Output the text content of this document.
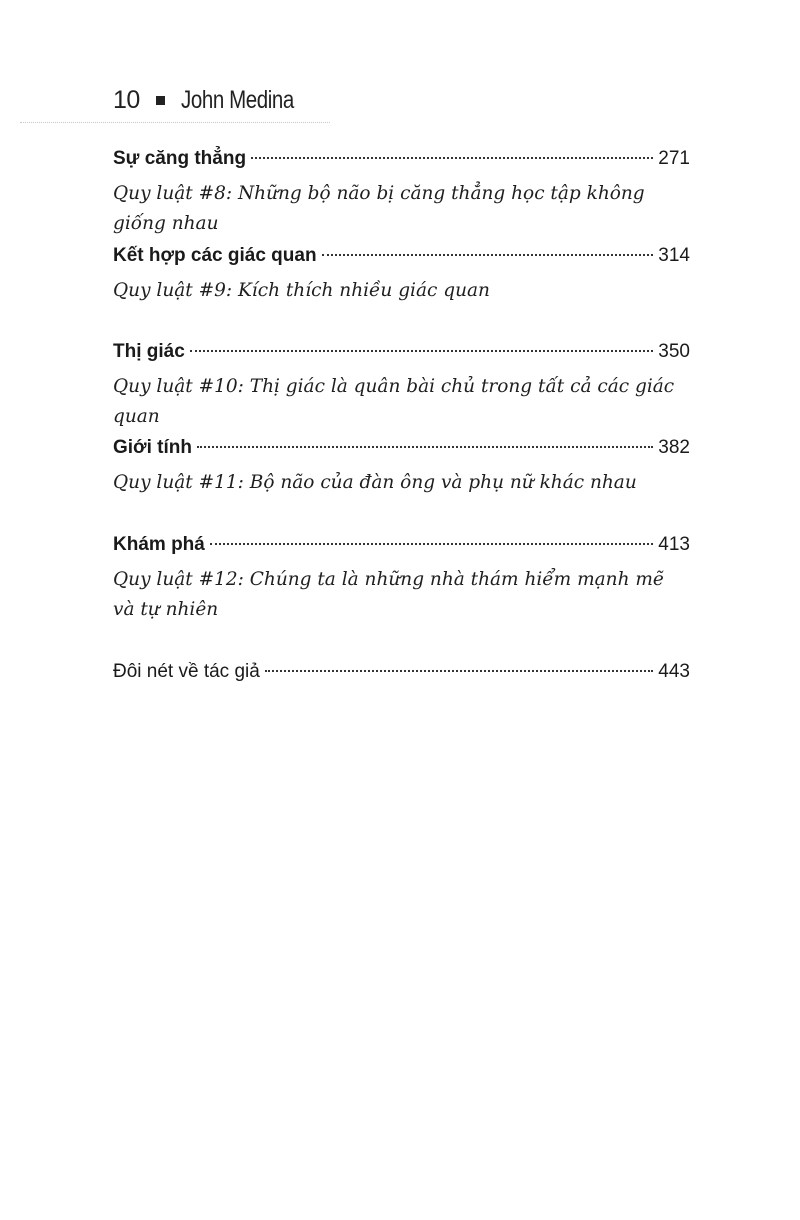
10 John Medina
Sự căng thẳng	271
Quy luật #8: Những bộ não bị căng thẳng học tập không giống nhau
Kết hợp các giác quan	314
Quy luật #9: Kích thích nhiều giác quan
Thị giác	350
Quy luật #10: Thị giác là quân bài chủ trong tất cả các giác quan
Giới tính	382
Quy luật #11: Bộ não của đàn ông và phụ nữ khác nhau
Khám phá	413
Quy luật #12: Chúng ta là những nhà thám hiểm mạnh mẽ và tự nhiên
Đôi nét về tác giả	443
